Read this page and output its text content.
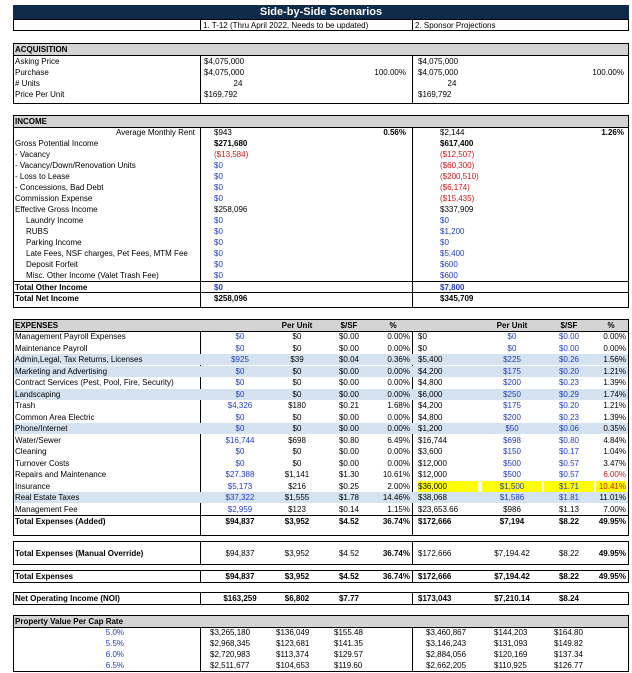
Side-by-Side Scenarios
1. T-12 (Thru April 2022, Needs to be updated)	2. Sponsor Projections
ACQUISITION
Asking Price	$4,075,000	$4,075,000
Purchase	$4,075,000	100.00% $4,075,000	100.00%
# Units	24	24
Price Per Unit	$169,792	$169,792
INCOME
Average Monthly Rent $943	0.56%	$2,144	1.26%
Gross Potential Income	$271,680	$617,400
- Vacancy	($13,584)	($12,507)
- Vacancy/Down/Renovation Units	$0	($60,300)
- Loss to Lease	$0	($200,510)
- Concessions, Bad Debt	$0	($6,174)
Commission Expense	$0	($15,435)
Effective Gross Income	$258,096	$337,909
Laundry Income	$0	$0
RUBS	$0	$1,200
Parking Income	$0	$0
Late Fees, NSF charges, Pet Fees, MTM Fee	$0	$5,400
Deposit Forfeit	$0	$600
Misc. Other Income (Valet Trash Fee)	$0	$600
Total Other Income	$0	$7,800
Total Net Income	$258,096	$345,709
EXPENSES	Per Unit	$/SF	%	Per Unit	$/SF	%
Management Payroll Expenses	$0	$0	$0.00	0.00% $0	$0	$0.00	0.00%
Maintenance Payroll	$0	$0	$0.00	0.00% $0	$0	$0.00	0.00%
Admin,Legal, Tax Returns, Licenses	$925	$39	$0.04	0.36% $5,400	$225	$0.26	1.56%
Marketing and Advertising	$0	$0	$0.00	0.00% $4,200	$175	$0.20	1.21%
Contract Services (Pest, Pool, Fire, Security)	$0	$0	$0.00	0.00% $4,800	$200	$0.23	1.39%
Landscaping	$0	$0	$0.00	0.00% $6,000	$250	$0.29	1.74%
Trash	$4,326	$180	$0.21	1.68% $4,200	$175	$0.20	1.21%
Common Area Electric	$0	$0	$0.00	0.00% $4,800	$200	$0.23	1.39%
Phone/Internet	$0	$0	$0.00	0.00% $1,200	$50	$0.06	0.35%
Water/Sewer	$16,744	$698	$0.80	6.49% $16,744	$698	$0.80	4.84%
Cleaning	$0	$0	$0.00	0.00% $3,600	$150	$0.17	1.04%
Turnover Costs	$0	$0	$0.00	0.00% $12,000	$500	$0.57	3.47%
Repairs and Maintenance	$27,388	$1,141	$1.30	10.61% $12,000	$500	$0.57	6.00%
Insurance	$5,173	$216	$0.25	2.00% $36,000	$1,500	$1.71	10.41%
Real Estate Taxes	$37,322	$1,555	$1.78	14.46% $38,068	$1,586	$1.81	11.01%
Management Fee	$2,959	$123	$0.14	1.15% $23,653.66	$986	$1.13	7.00%
Total Expenses (Added)	$94,837	$3,952	$4.52	36.74% $172,666	$7,194	$8.22	49.95%
Total Expenses (Manual Override)	$94,837	$3,952	$4.52	36.74% $172,666	$7,194.42	$8.22	49.95%
Total Expenses	$94,837	$3,952	$4.52	36.74% $172,666	$7,194.42	$8.22	49.95%
Net Operating Income (NOI)	$163,259	$6,802	$7.77	$173,043	$7,210.14	$8.24
Property Value Per Cap Rate
5.0%	$3,265,180	$136,049	$155.48	$3,460,867	$144,203	$164.80
5.5%	$2,968,345	$123,681	$141.35	$3,146,243	$131,093	$149.82
6.0%	$2,720,983	$113,374	$129.57	$2,884,056	$120,169	$137.34
6.5%	$2,511,677	$104,653	$119.60	$2,662,205	$110,925	$126.77
